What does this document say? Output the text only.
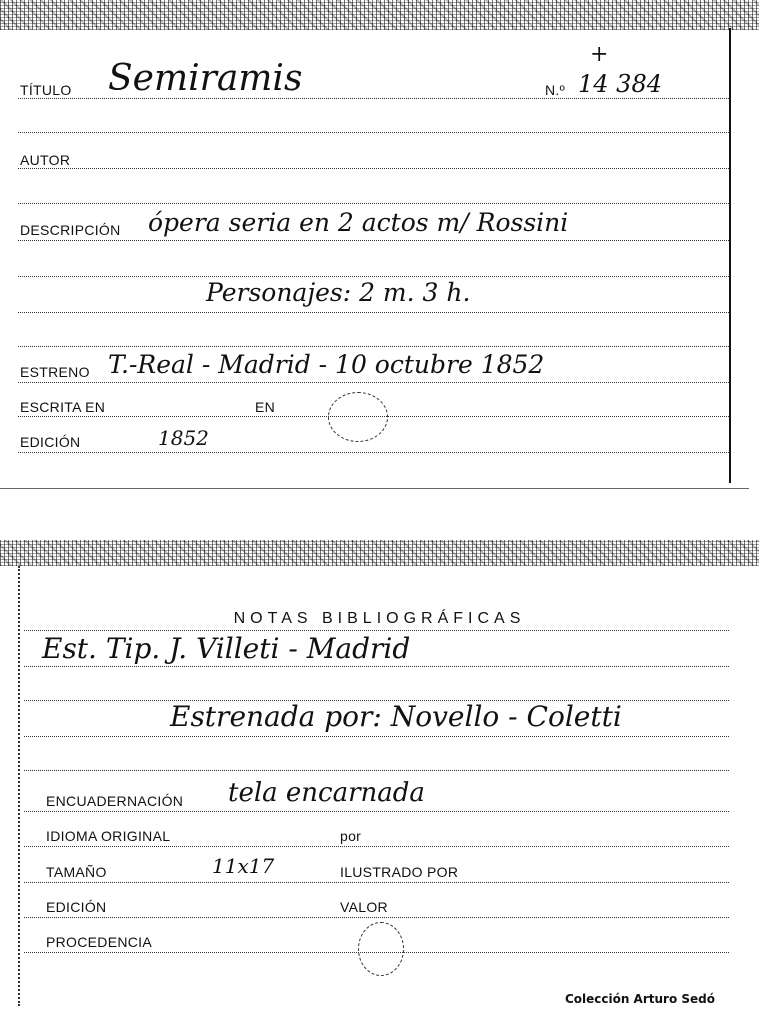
TÍTULO Semiramis	N.º 14 384
+
AUTOR
DESCRIPCIÓN ópera seria en 2 actos m/ Rossini
Personajes: 2 m. 3 h.
ESTRENO T.-Real - Madrid - 10 octubre 1852
ESCRITA EN	EN
EDICIÓN	1852
NOTAS BIBLIOGRÁFICAS
Est. Tip. J. Villeti - Madrid
Estrenada por: Novello - Coletti
ENCUADERNACIÓN tela encarnada
IDIOMA ORIGINAL	por
TAMAÑO	11x17	ILUSTRADO POR
EDICIÓN	VALOR
PROCEDENCIA
Colección Arturo Sedó
